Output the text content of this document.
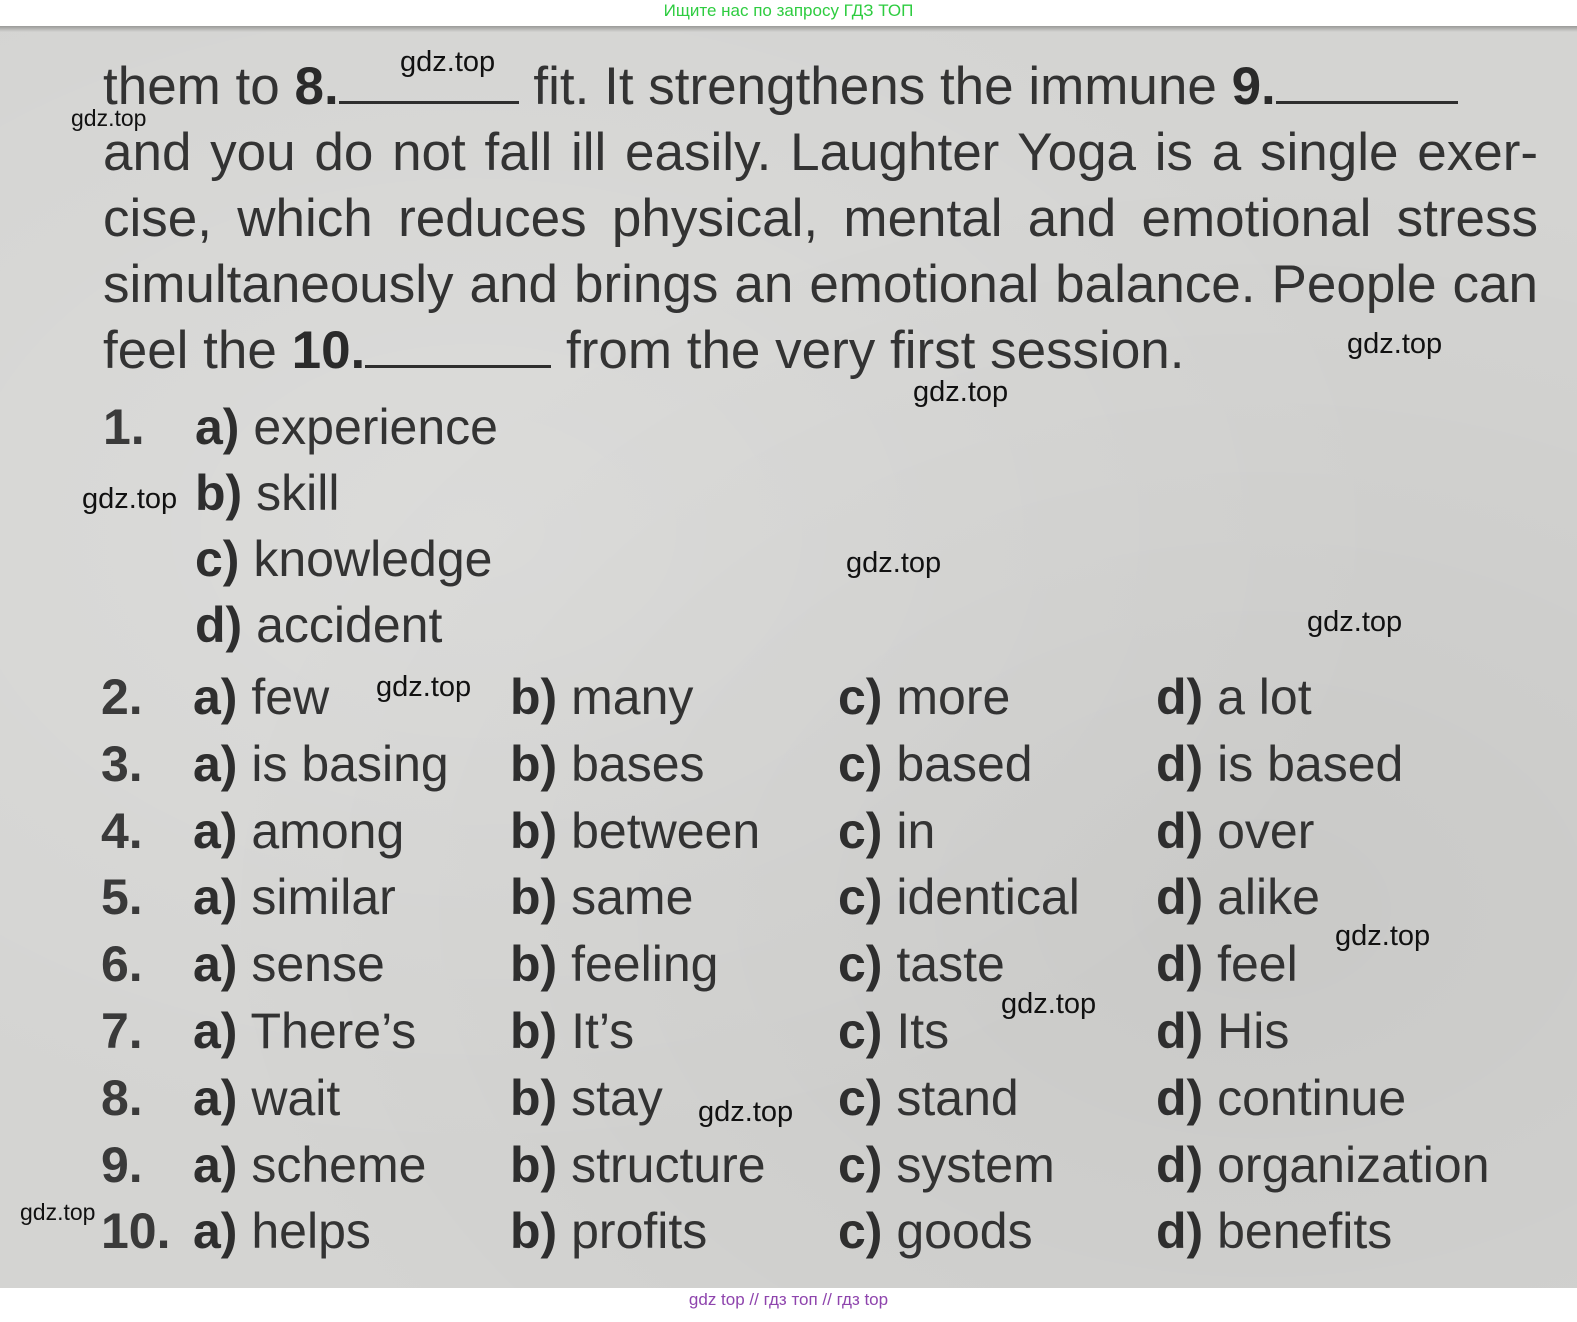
Ищите нас по запросу ГДЗ ТОП
them to 8.	fit. It strengthens the immune 9.
and you do not fall ill easily. Laughter Yoga is a single exer-
cise, which reduces physical, mental and emotional stress
simultaneously and brings an emotional balance. People can
feel the 10.	from the very first session.
1. a) experience
b) skill
c) knowledge
d) accident
2. a) few	b) many	c) more	d) a lot
3. a) is basing b) bases	c) based d) is based
4. a) among b) between c) in	d) over
5. a) similar b) same	c) identical d) alike
6. a) sense	b) feeling c) taste	d) feel
7. a) There’s b) It’s	c) Its	d) His
8. a) wait	b) stay	c) stand	d) continue
9. a) scheme b) structure c) system d) organization
10. a) helps	b) profits	c) goods d) benefits
gdz.top
gdz.top
gdz.top
gdz.top
gdz.top
gdz.top
gdz.top
gdz.top
gdz.top
gdz.top
gdz.top
gdz.top
gdz top // гдз топ // гдз top
